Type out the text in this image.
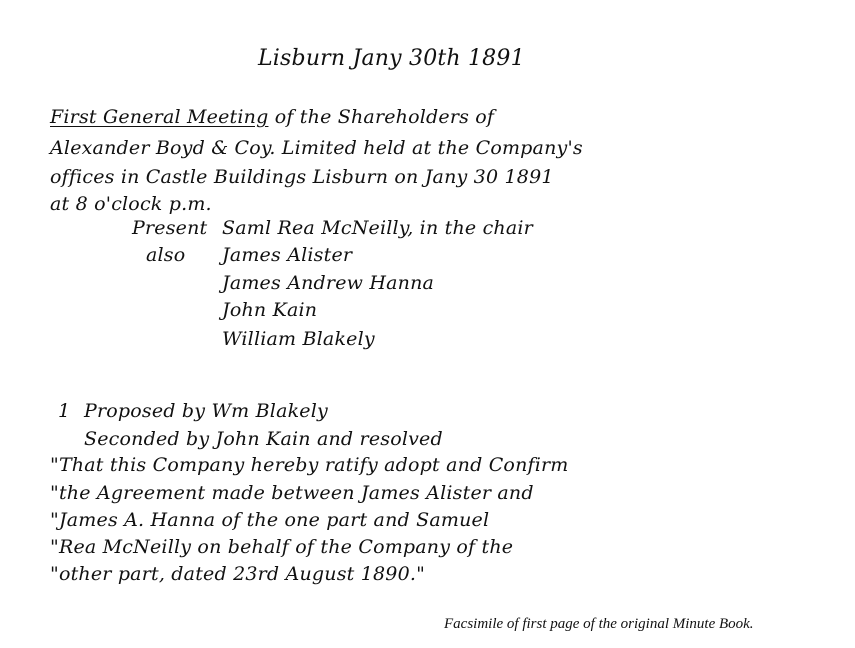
Lisburn Jany 30th 1891
First General Meeting of the Shareholders of
Alexander Boyd & Coy. Limited held at the Company's
offices in Castle Buildings Lisburn on Jany 30 1891
at 8 o'clock p.m.
Present Saml Rea McNeilly, in the chair
also James Alister
James Andrew Hanna
John Kain
William Blakely
1 Proposed by Wm Blakely
Seconded by John Kain and resolved
"That this Company hereby ratify adopt and Confirm
"the Agreement made between James Alister and
"James A. Hanna of the one part and Samuel
"Rea McNeilly on behalf of the Company of the
"other part, dated 23rd August 1890."
Facsimile of first page of the original Minute Book.
